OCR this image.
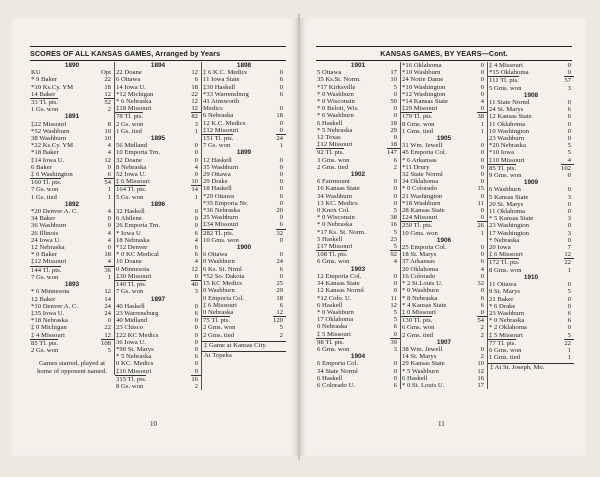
SCORES OF ALL KANSAS GAMES, Arranged by Years
1890
KU	Opt
* 9 Baker	22
*10 Ks.Cy. YM	18
14 Baker	12
33 Tl. pts.	52
1 Gs. won	2
1891
‡22 Missouri	8
*52 Washburn	10
38 Washburn	10
*22 Ks.Cy. YM	4
*18 Baker	4
‡14 Iowa U.	12
6 Baker	0
‡ 6 Washington	6
160 Tl. pts.	54
7 Gs. won	1
1 Gs. tied	1
1892
*20 Denver A. C.	4
34 Baker	0
36 Washburn	0
26 Illinois	4
24 Iowa U.	4
12 Nebraska	0
* 0 Baker	18
‡12 Missouri	4
144 Tl. pts.	36
7 Gs. won	1
1893
* 6 Minnesota	12
12 Baker	14
*10 Denver A. C.	24
‡35 Iowa U.	24
*18 Nebraska	0
‡ 0 Michigan	22
‡ 4 Missouri	12
85 Tl. pts.	108
2 Gs. won	5
Games starred, played at home of opponent named.
1894
22 Doane	12
6 Ottawa	6
14 Iowa U.	18
*12 Michigan	22
* 6 Nebraska	12
‡18 Missouri	12
78 Tl. pts.	82
2 Gs. won	3
1 Gs. tied	1
1895
56 Midland	0
10 Emporia Trn.	0
32 Doane	0
8 Nebraska	4
52 Iowa U.	0
‡ 6 Missouri	10
164 Tl. pts.	14
5 Gs. won	1
1896
32 Haskell	0
6 Abilene	0
26 Emporia Trn.	0
* Iowa U	6
18 Nebraska	4
*12 Denver	6
* 0 KC Medical	6
16 Doane	4
0 Minnesota	12
‡30 Missouri	0
140 Tl. pts.	40
7 Gs. won	3
1897
40 Haskell	0
23 Warrensburg	6
40 Midland	0
23 Chisco	0
‡22 KC Medics	0
36 Iowa U.	0
*90 St. Marys	0
* 5 Nebraska	6
0 KC. Medics	0
‡16 Missouri	0
315 Tl. pts.	16
8 Gs. won	2
1898
‡ 6 K.C. Medics	0
11 Iowa State	6
‡30 Haskell	0
*33 Warrensburg	6
41 Ainsworth
Medics	0
6 Nebraska	18
12 K.C. Medics	0
‡12 Missouri	0
151 Tl. pts.	24
7 Gs. won	1
1899
12 Haskell	0
35 Washburn	0
29 Ottawa	0
29 Drake	0
18 Haskell	0
*29 Ottawa	6
*35 Emporia Nr.	0
*36 Nebraska	20
25 Washburn	0
‡34 Missouri	6
282 Tl. pts.	32
10 Gms. won	0
1900
6 Ottawa	0
0 Washburn	24
6 Ks. St. Nrml	6
*52 So. Dakota	0
15 KC Medics	25
0 Washburn	29
0 Emporia Col.	18
‡ 6 Missouri	6
0 Nebraska	12
75 Tl. pts.	120
2 Gms. won	5
2 Gms. tied	2
‡ Game at Kansas City.
At Topeka
10
KANSAS GAMES, BY YEARS—Cont.
1901
5 Ottawa	17
35 Ks.St. Norm.	10
*17 Kirksville	5
* 0 Washburn	0
* 0 Wisconsin	50
* 0 Beloit, Wis.	0
* 6 Washburn	0
6 Haskell	18
* 5 Nebraska	29
12 Texas	0
‡12 Missouri	18
92 Tl. pts.	147
3 Gms. won	6
2 Gms. tied	2
1902
6 Fairmount	0
16 Kansas State	0
34 Washburn	0
13 KC. Medics	0
0 Knox Col.	5
* 0 Wisconsin	38
* 0 Nebraska	16
*17 Ks. St. Norm.	5
5 Haskell	23
‡17 Missouri	5
108 Tl. pts.	92
6 Gms. won	4
1903
12 Emporia Col.	0
34 Kansas State	0
12 Kansas Norml	0
*12 Colo. U.	11
6 Haskell	12
* 0 Washburn	5
17 Oklahoma	5
0 Nebraska	6
‡ 5 Missouri	0
98 Tl. pts.	39
6 Gms. won	3
1904
6 Emporia Col.	0
34 State Norml	0
6 Haskell	0
6 Colorado U.	6
*16 Oklahoma	0
*10 Washburn	0
24 Notre Dame	0
*10 Washington	0
*12 Washington	0
*14 Kansas State	4
‡29 Missouri	0
179 Tl. pts.	38
8 Gms. won	1
1 Gms. tied	1
1905
31 Wm. Jewell	0
45 Emporia Col.	0
* 6 Arkansas	0
*11 Drury	0
32 State Norml	0
34 Oklahoma	0
* 0 Colorado	15
21 Washington	0
*18 Washburn	11
28 Kansas State	0
‡24 Missouri	0
250 Tl. pts.	26
10 Gms. won	1
1906
25 Emporia Col.	0
18 St. Marys	0
37 Arkansas	6
20 Oklahoma	4
16 Colorado	0
* 2 St.Louis U.	32
* 0 Washburn	0
* 8 Nebraska	6
* 4 Kansas State	6
‡ 0 Missouri	0
130 Tl. pts.	54
6 Gms. won	2
2 Gms. tied	2
1907
38 Wm. Jewell	0
14 St. Marys	2
29 Kansas State	10
* 5 Washburn	12
6 Haskell	16
* 0 St. Louis U.	17
‡ 4 Missouri	0
*15 Oklahoma	0
111 Tl. pts.	57
5 Gms. won	3
1908
11 State Norml	0
24 St. Marys	6
12 Kansas State	6
11 Oklahoma	0
10 Washington	0
23 Washburn	0
*20 Nebraska	5
*10 Iowa	5
‡10 Missouri	4
85 Tl. pts.	102
9 Gms. won	0
1909
6 Washburn	0
5 Kansas State	3
20 St. Marys	0
11 Oklahoma	0
* 5 Kansas State	3
23 Washington	0
17 Washington	3
* Nebraska	0
20 Iowa	7
‡ 6 Missouri	12
172 Tl. pts.	22
8 Gms. won	1
1910
11 Ottawa	0
9 St. Marys	5
21 Baker	0
* 6 Drake	0
23 Washburn	6
* 0 Nebraska	6
* 2 Oklahoma	0
‡ 5 Missouri	5
77 Tl. pts.	22
6 Gms. won	1
1 Gms. tied	1
‡ At St. Joseph, Mo.
11
